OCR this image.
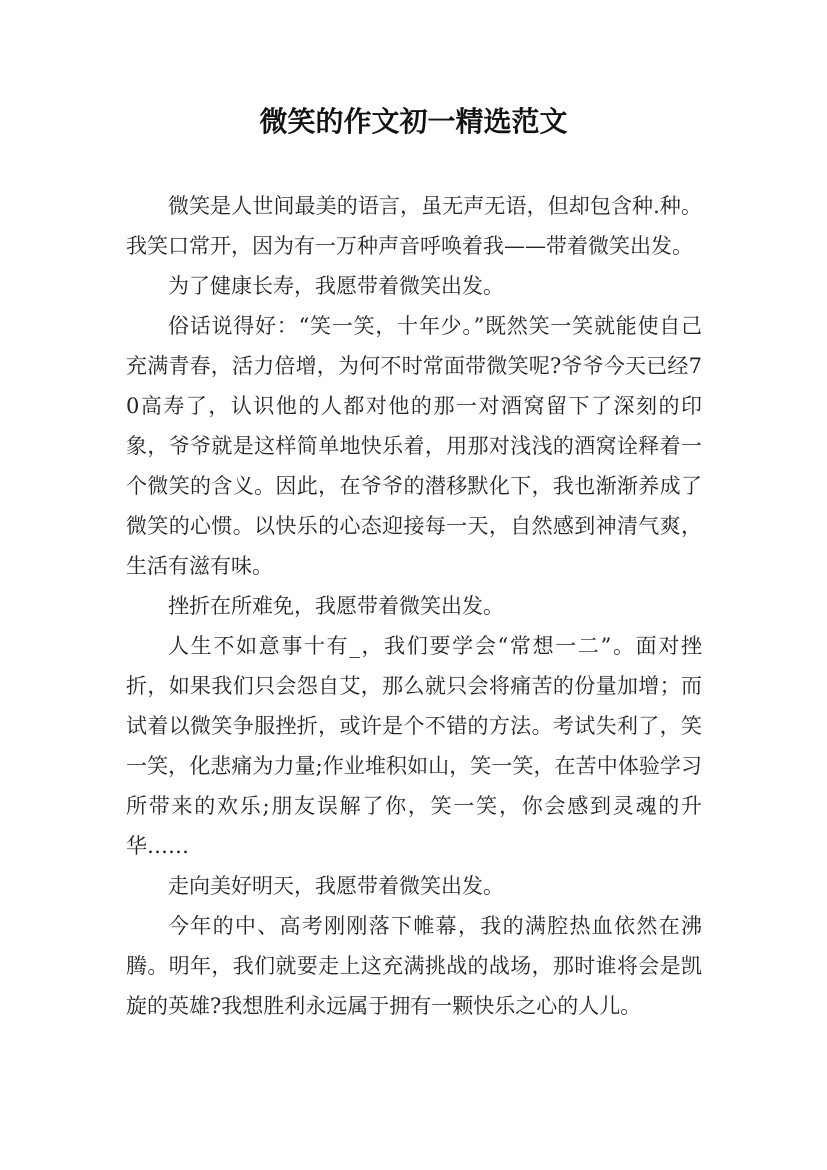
微笑的作文初一精选范文

微笑是人世间最美的语言，虽无声无语，但却包含种.种。我笑口常开，因为有一万种声音呼唤着我——带着微笑出发。

为了健康长寿，我愿带着微笑出发。

俗话说得好：“笑一笑，十年少。”既然笑一笑就能使自己充满青春，活力倍增，为何不时常面带微笑呢?爷爷今天已经70高寿了，认识他的人都对他的那一对酒窝留下了深刻的印象，爷爷就是这样简单地快乐着，用那对浅浅的酒窝诠释着一个微笑的含义。因此，在爷爷的潜移默化下，我也渐渐养成了微笑的心惯。以快乐的心态迎接每一天，自然感到神清气爽，生活有滋有味。

挫折在所难免，我愿带着微笑出发。

人生不如意事十有_，我们要学会“常想一二”。面对挫折，如果我们只会怨自艾，那么就只会将痛苦的份量加增；而试着以微笑争服挫折，或许是个不错的方法。考试失利了，笑一笑，化悲痛为力量;作业堆积如山，笑一笑，在苦中体验学习所带来的欢乐;朋友误解了你，笑一笑，你会感到灵魂的升华……

走向美好明天，我愿带着微笑出发。

今年的中、高考刚刚落下帷幕，我的满腔热血依然在沸腾。明年，我们就要走上这充满挑战的战场，那时谁将会是凯旋的英雄?我想胜利永远属于拥有一颗快乐之心的人儿。
